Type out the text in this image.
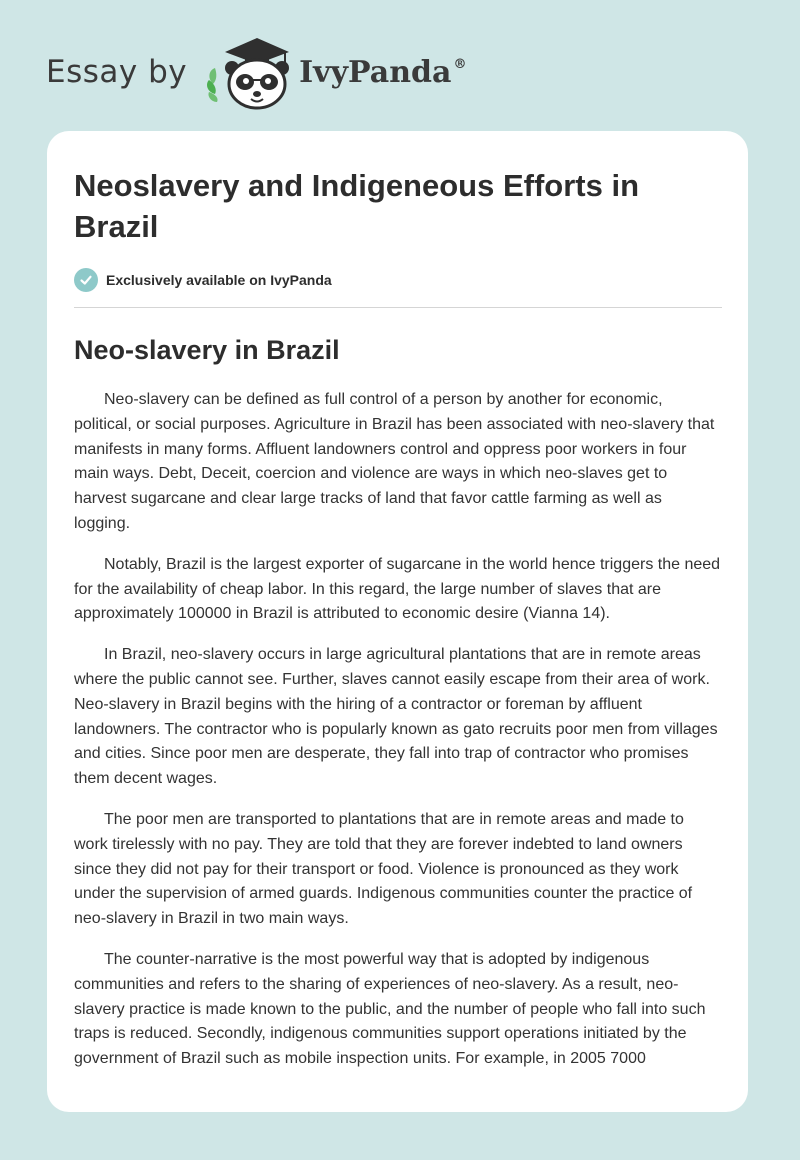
Essay by	IvyPanda®
Neoslavery and Indigeneous Efforts in Brazil
Exclusively available on IvyPanda
Neo-slavery in Brazil

Neo-slavery can be defined as full control of a person by another for economic, political, or social purposes. Agriculture in Brazil has been associated with neo-slavery that manifests in many forms. Affluent landowners control and oppress poor workers in four main ways. Debt, Deceit, coercion and violence are ways in which neo-slaves get to harvest sugarcane and clear large tracks of land that favor cattle farming as well as logging.

Notably, Brazil is the largest exporter of sugarcane in the world hence triggers the need for the availability of cheap labor. In this regard, the large number of slaves that are approximately 100000 in Brazil is attributed to economic desire (Vianna 14).

In Brazil, neo-slavery occurs in large agricultural plantations that are in remote areas where the public cannot see. Further, slaves cannot easily escape from their area of work. Neo-slavery in Brazil begins with the hiring of a contractor or foreman by affluent landowners. The contractor who is popularly known as gato recruits poor men from villages and cities. Since poor men are desperate, they fall into trap of contractor who promises them decent wages.

The poor men are transported to plantations that are in remote areas and made to work tirelessly with no pay. They are told that they are forever indebted to land owners since they did not pay for their transport or food. Violence is pronounced as they work under the supervision of armed guards. Indigenous communities counter the practice of neo-slavery in Brazil in two main ways.

The counter-narrative is the most powerful way that is adopted by indigenous communities and refers to the sharing of experiences of neo-slavery. As a result, neo-slavery practice is made known to the public, and the number of people who fall into such traps is reduced. Secondly, indigenous communities support operations initiated by the government of Brazil such as mobile inspection units. For example, in 2005 7000
